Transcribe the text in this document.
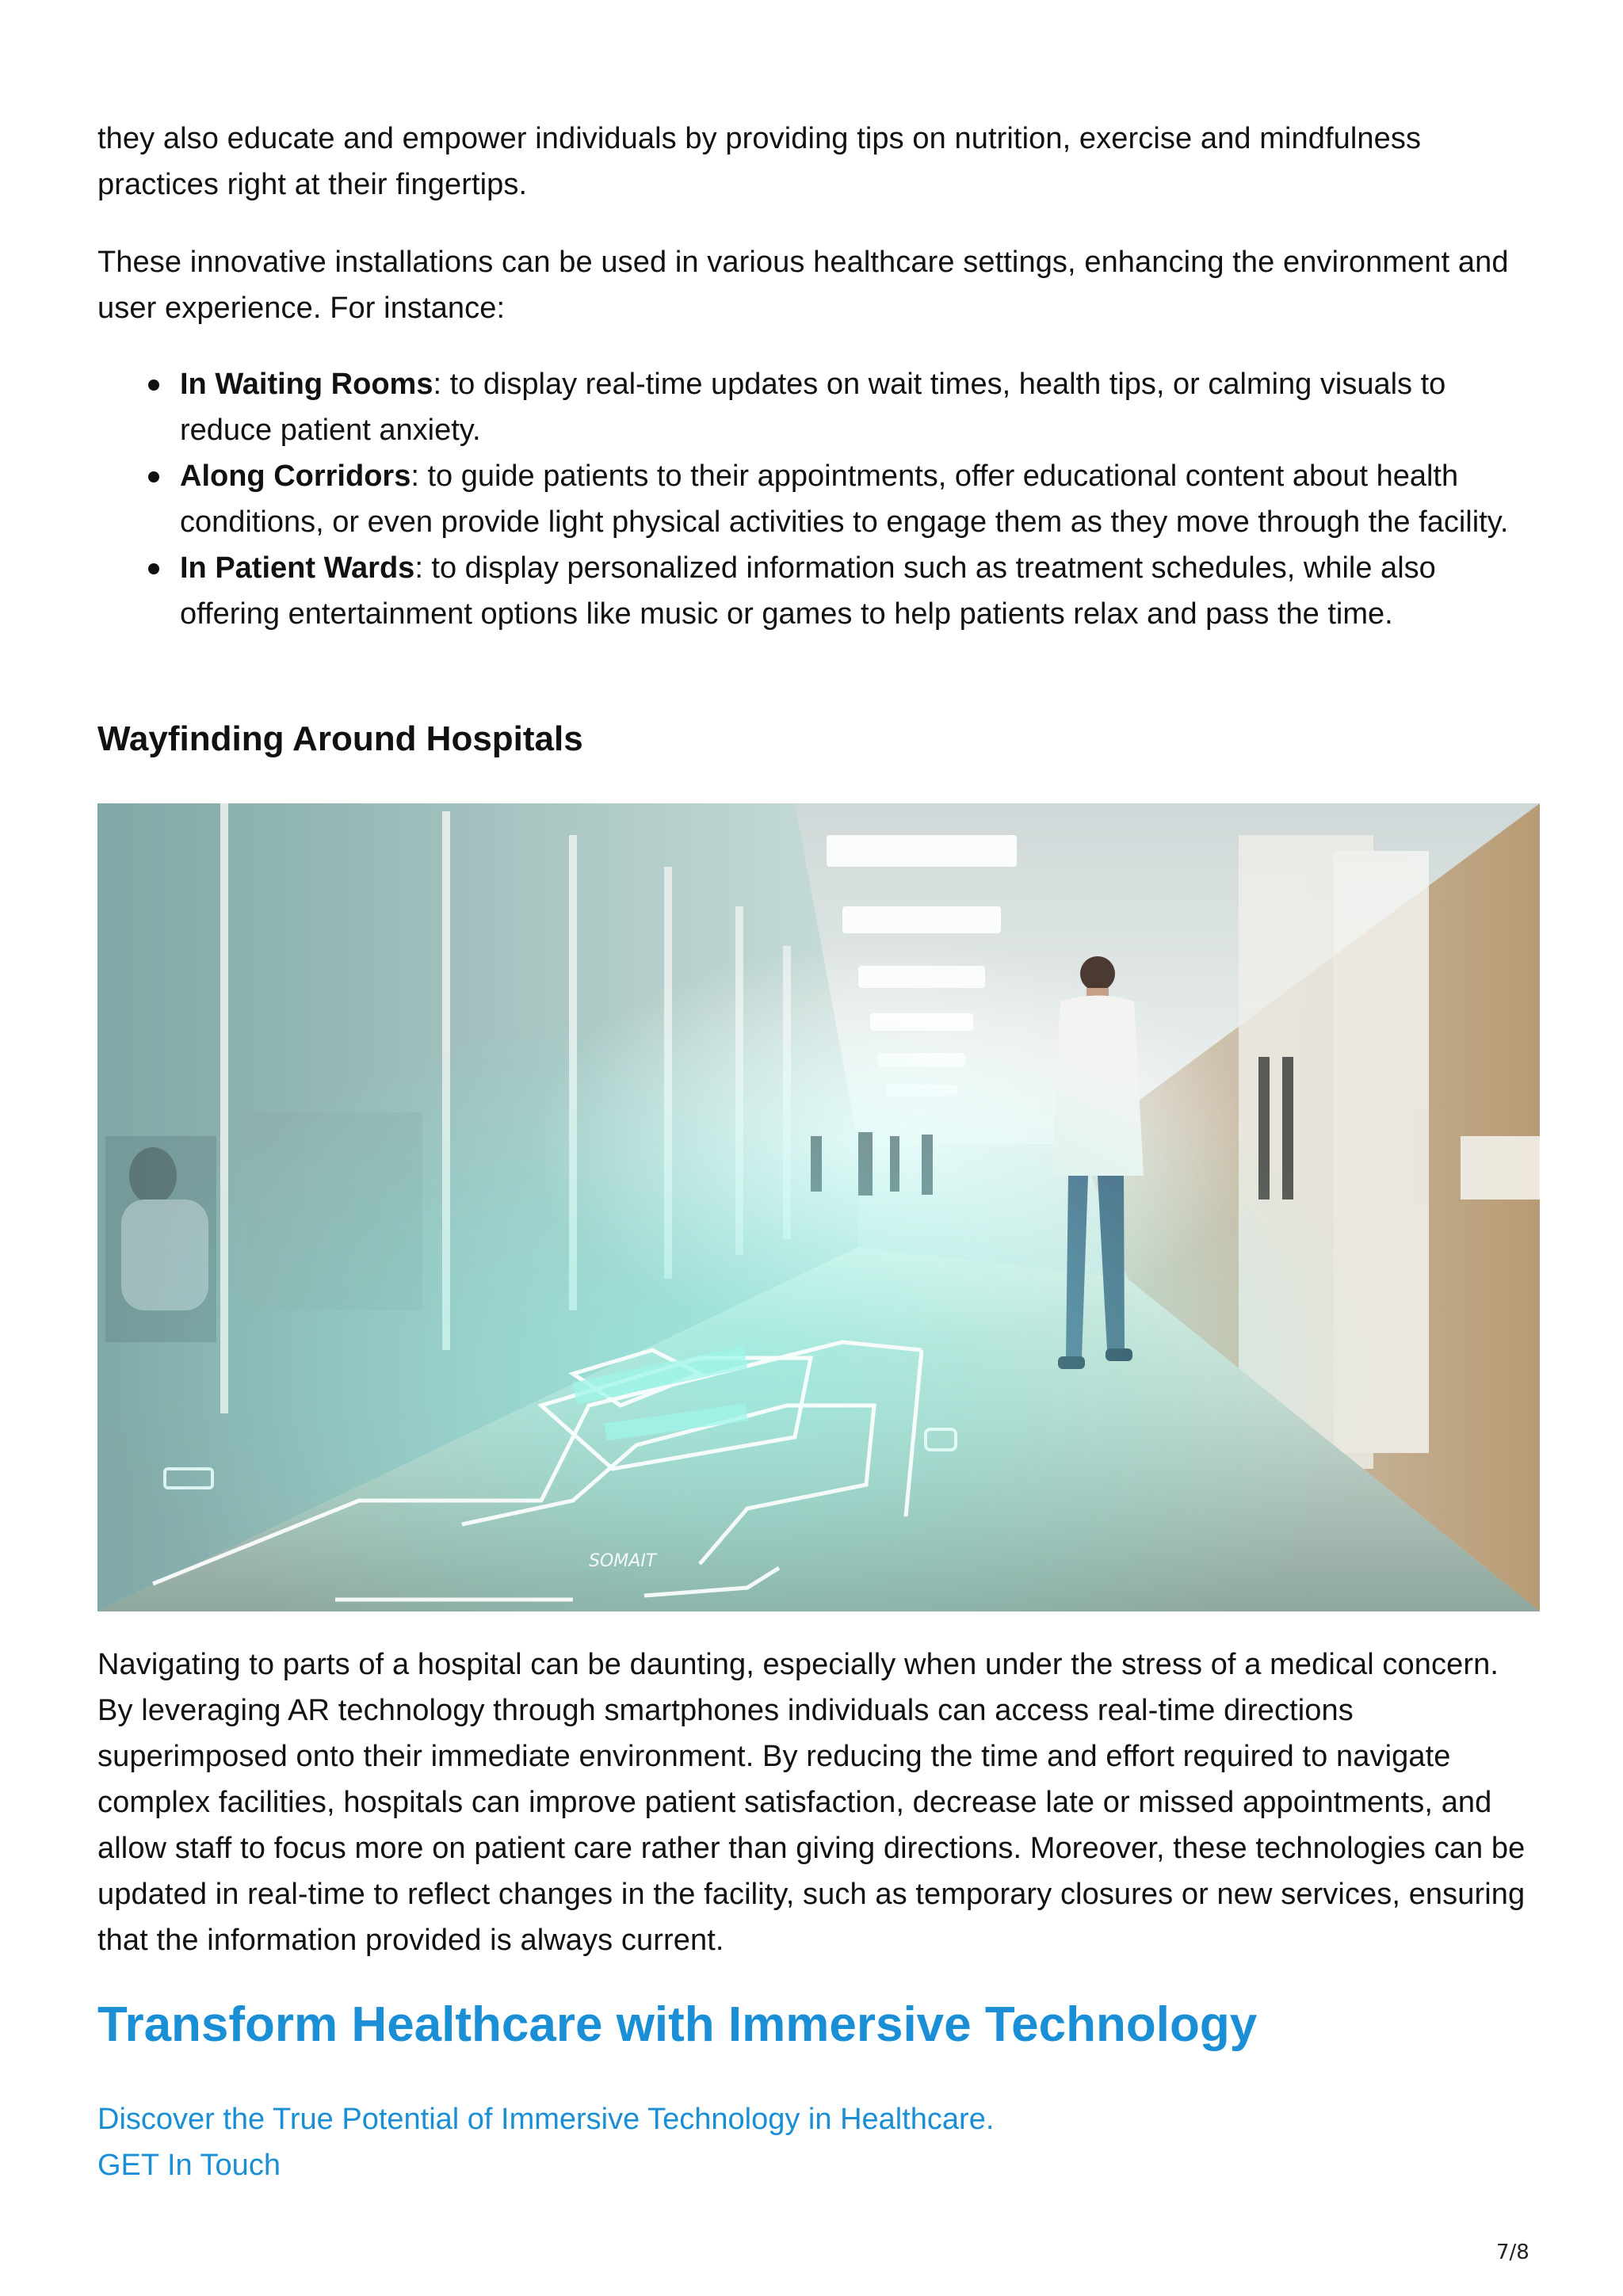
they also educate and empower individuals by providing tips on nutrition, exercise and mindfulness practices right at their fingertips.

These innovative installations can be used in various healthcare settings, enhancing the environment and user experience. For instance:

In Waiting Rooms: to display real-time updates on wait times, health tips, or calming visuals to reduce patient anxiety.
Along Corridors: to guide patients to their appointments, offer educational content about health conditions, or even provide light physical activities to engage them as they move through the facility.
In Patient Wards: to display personalized information such as treatment schedules, while also offering entertainment options like music or games to help patients relax and pass the time.
Wayfinding Around Hospitals
SOMAIT

Navigating to parts of a hospital can be daunting, especially when under the stress of a medical concern. By leveraging AR technology through smartphones individuals can access real-time directions superimposed onto their immediate environment. By reducing the time and effort required to navigate complex facilities, hospitals can improve patient satisfaction, decrease late or missed appointments, and allow staff to focus more on patient care rather than giving directions. Moreover, these technologies can be updated in real-time to reflect changes in the facility, such as temporary closures or new services, ensuring that the information provided is always current.

Transform Healthcare with Immersive Technology
Discover the True Potential of Immersive Technology in Healthcare.
GET In Touch
7/8
